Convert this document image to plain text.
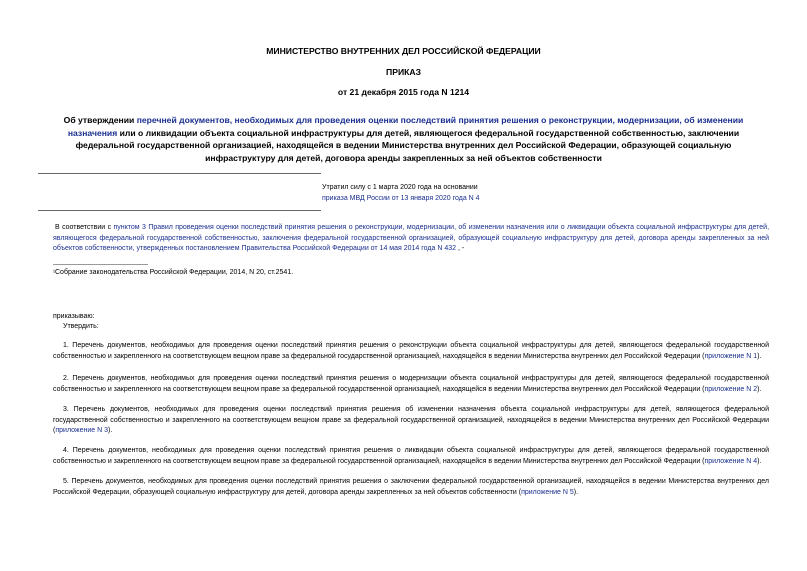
МИНИСТЕРСТВО ВНУТРЕННИХ ДЕЛ РОССИЙСКОЙ ФЕДЕРАЦИИ
ПРИКАЗ
от 21 декабря 2015 года N 1214
Об утверждении перечней документов, необходимых для проведения оценки последствий принятия решения о реконструкции, модернизации, об изменении назначения или о ликвидации объекта социальной инфраструктуры для детей, являющегося федеральной государственной собственностью, заключении федеральной государственной организацией, находящейся в ведении Министерства внутренних дел Российской Федерации, образующей социальную инфраструктуру для детей, договора аренды закрепленных за ней объектов собственности
Утратил силу с 1 марта 2020 года на основании
приказа МВД России от 13 января 2020 года N 4
В соответствии с пунктом 3 Правил проведения оценки последствий принятия решения о реконструкции, модернизации, об изменении назначения или о ликвидации объекта социальной инфраструктуры для детей, являющегося федеральной государственной собственностью, заключения федеральной государственной организацией, образующей социальную инфраструктуру для детей, договора аренды закрепленных за ней объектов собственности, утвержденных постановлением Правительства Российской Федерации от 14 мая 2014 года N 432 , -
¹Собрание законодательства Российской Федерации, 2014, N 20, ст.2541.
приказываю:
Утвердить:
1. Перечень документов, необходимых для проведения оценки последствий принятия решения о реконструкции объекта социальной инфраструктуры для детей, являющегося федеральной государственной собственностью и закрепленного на соответствующем вещном праве за федеральной государственной организацией, находящейся в ведении Министерства внутренних дел Российской Федерации (приложение N 1).
2. Перечень документов, необходимых для проведения оценки последствий принятия решения о модернизации объекта социальной инфраструктуры для детей, являющегося федеральной государственной собственностью и закрепленного на соответствующем вещном праве за федеральной государственной организацией, находящейся в ведении Министерства внутренних дел Российской Федерации (приложение N 2).
3. Перечень документов, необходимых для проведения оценки последствий принятия решения об изменении назначения объекта социальной инфраструктуры для детей, являющегося федеральной государственной собственностью и закрепленного на соответствующем вещном праве за федеральной государственной организацией, находящейся в ведении Министерства внутренних дел Российской Федерации (приложение N 3).
4. Перечень документов, необходимых для проведения оценки последствий принятия решения о ликвидации объекта социальной инфраструктуры для детей, являющегося федеральной государственной собственностью и закрепленного на соответствующем вещном праве за федеральной государственной организацией, находящейся в ведении Министерства внутренних дел Российской Федерации (приложение N 4).
5. Перечень документов, необходимых для проведения оценки последствий принятия решения о заключении федеральной государственной организацией, находящейся в ведении Министерства внутренних дел Российской Федерации, образующей социальную инфраструктуру для детей, договора аренды закрепленных за ней объектов собственности (приложение N 5).
